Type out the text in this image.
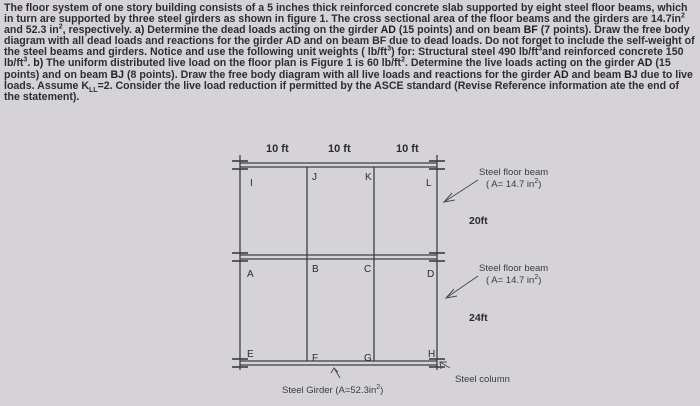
The floor system of one story building consists of a 5 inches thick reinforced concrete slab supported by eight steel floor beams, which in turn are supported by three steel girders as shown in figure 1. The cross sectional area of the floor beams and the girders are $14.7in^2$ and 52.3 $in^2$, respectively. a) Determine the dead loads acting on the girder AD (15 points) and on beam BF (7 points). Draw the free body diagram with all dead loads and reactions for the girder AD and on beam BF due to dead loads. Do not forget to include the self-weight of the steel beams and girders. Notice and use the following unit weights ( $lb/ft^3$) for: Structural steel 490 $lb/ft^3and$ reinforced concrete 150 $lb/ft^3$. b) The uniform distributed live load on the floor plan is Figure 1 is 60 $lb/ft^2$. Determine the live loads acting on the girder AD (15 points) and on beam BJ (8 points). Draw the free body diagram with all live loads and reactions for the girder AD and beam BJ due to live loads. Assume $K_{LL}=2$. Consider the live load reduction if permitted by the ASCE standard (Revise Reference information ate the end of the statement).

10 ft	10 ft	10 ft
I
J	K
L
A	B	C	D
E	F	G	H
Steel floor beam
( A= 14.7 $in^2$)
20ft
Steel floor beam
( A= 14.7 $in^2$)
24ft
Steel column
Steel Girder $(A=52.3in^2)$
